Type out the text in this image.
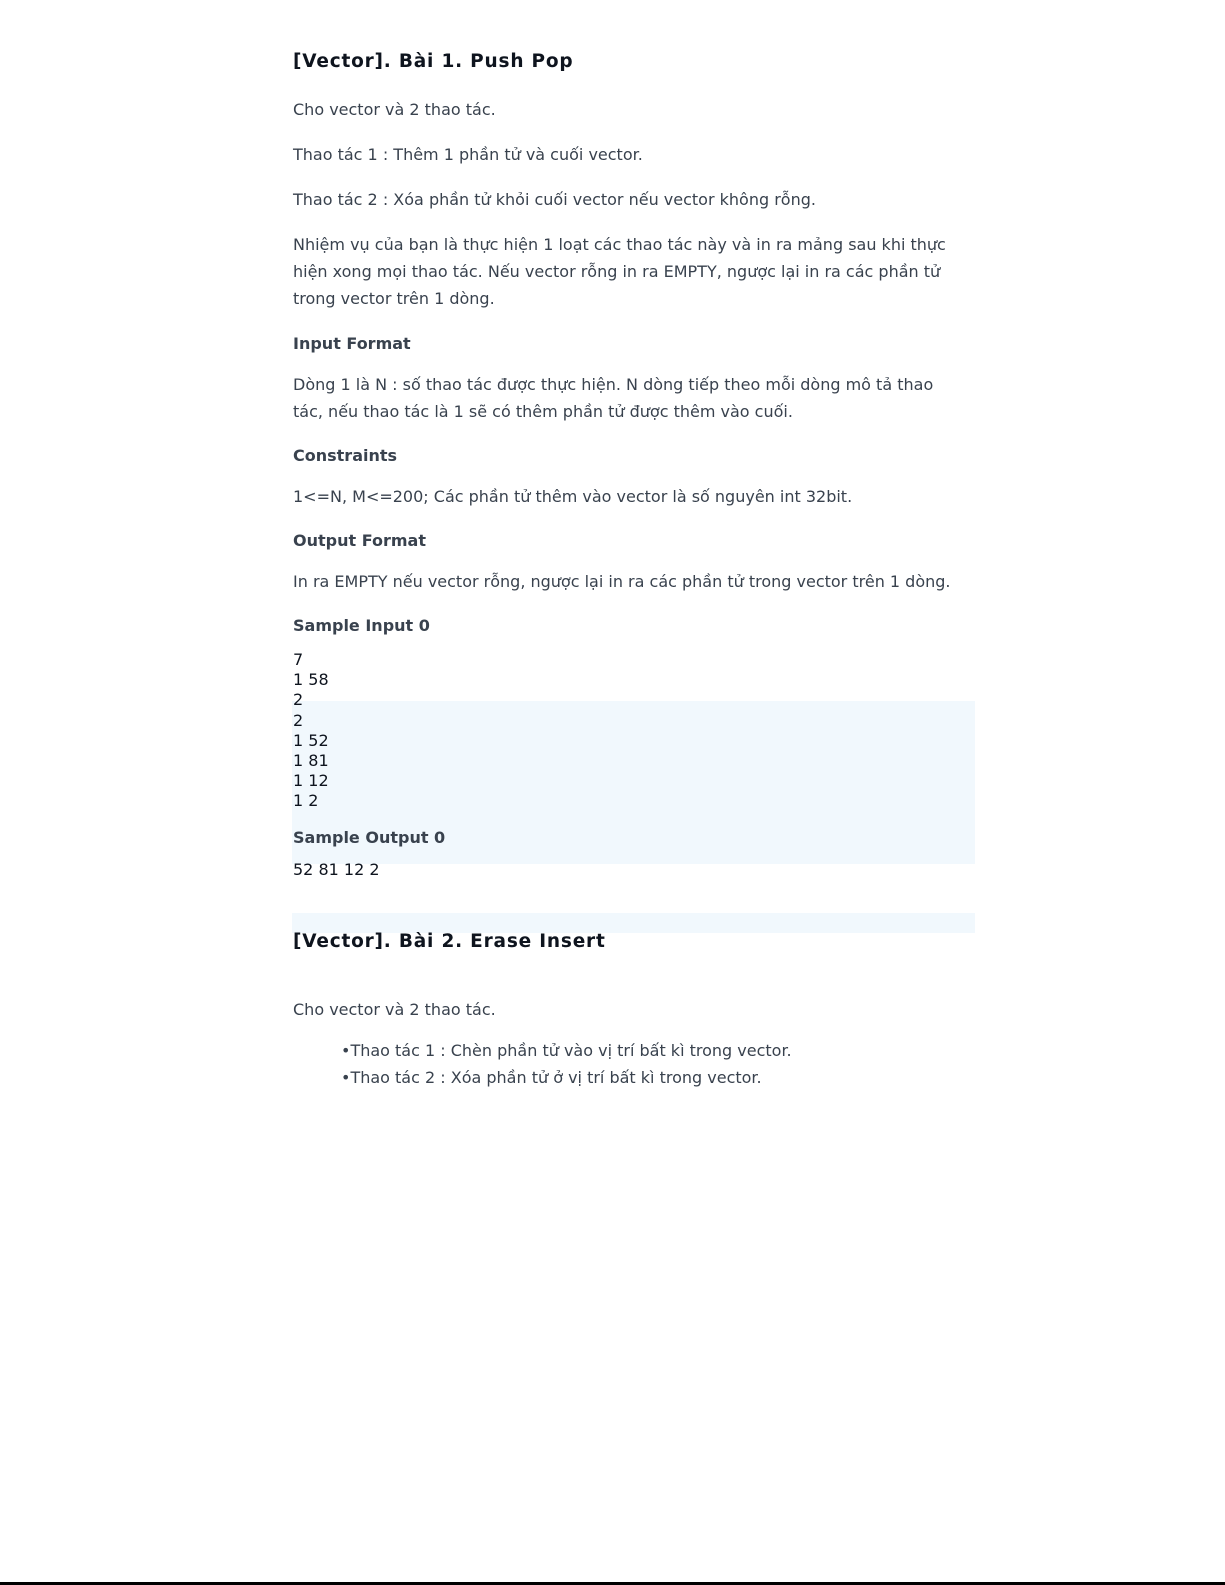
[Vector]. Bài 1. Push Pop
Cho vector và 2 thao tác.
Thao tác 1 : Thêm 1 phần tử và cuối vector.
Thao tác 2 : Xóa phần tử khỏi cuối vector nếu vector không rỗng.
Nhiệm vụ của bạn là thực hiện 1 loạt các thao tác này và in ra mảng sau khi thực
hiện xong mọi thao tác. Nếu vector rỗng in ra EMPTY, ngược lại in ra các phần tử
trong vector trên 1 dòng.
Input Format
Dòng 1 là N : số thao tác được thực hiện. N dòng tiếp theo mỗi dòng mô tả thao
tác, nếu thao tác là 1 sẽ có thêm phần tử được thêm vào cuối.
Constraints
1<=N, M<=200; Các phần tử thêm vào vector là số nguyên int 32bit.
Output Format
In ra EMPTY nếu vector rỗng, ngược lại in ra các phần tử trong vector trên 1 dòng.
Sample Input 0
7
1 58
2
2
1 52
1 81
1 12
1 2
Sample Output 0
52 81 12 2
[Vector]. Bài 2. Erase Insert
Cho vector và 2 thao tác.
•Thao tác 1 : Chèn phần tử vào vị trí bất kì trong vector.
•Thao tác 2 : Xóa phần tử ở vị trí bất kì trong vector.
